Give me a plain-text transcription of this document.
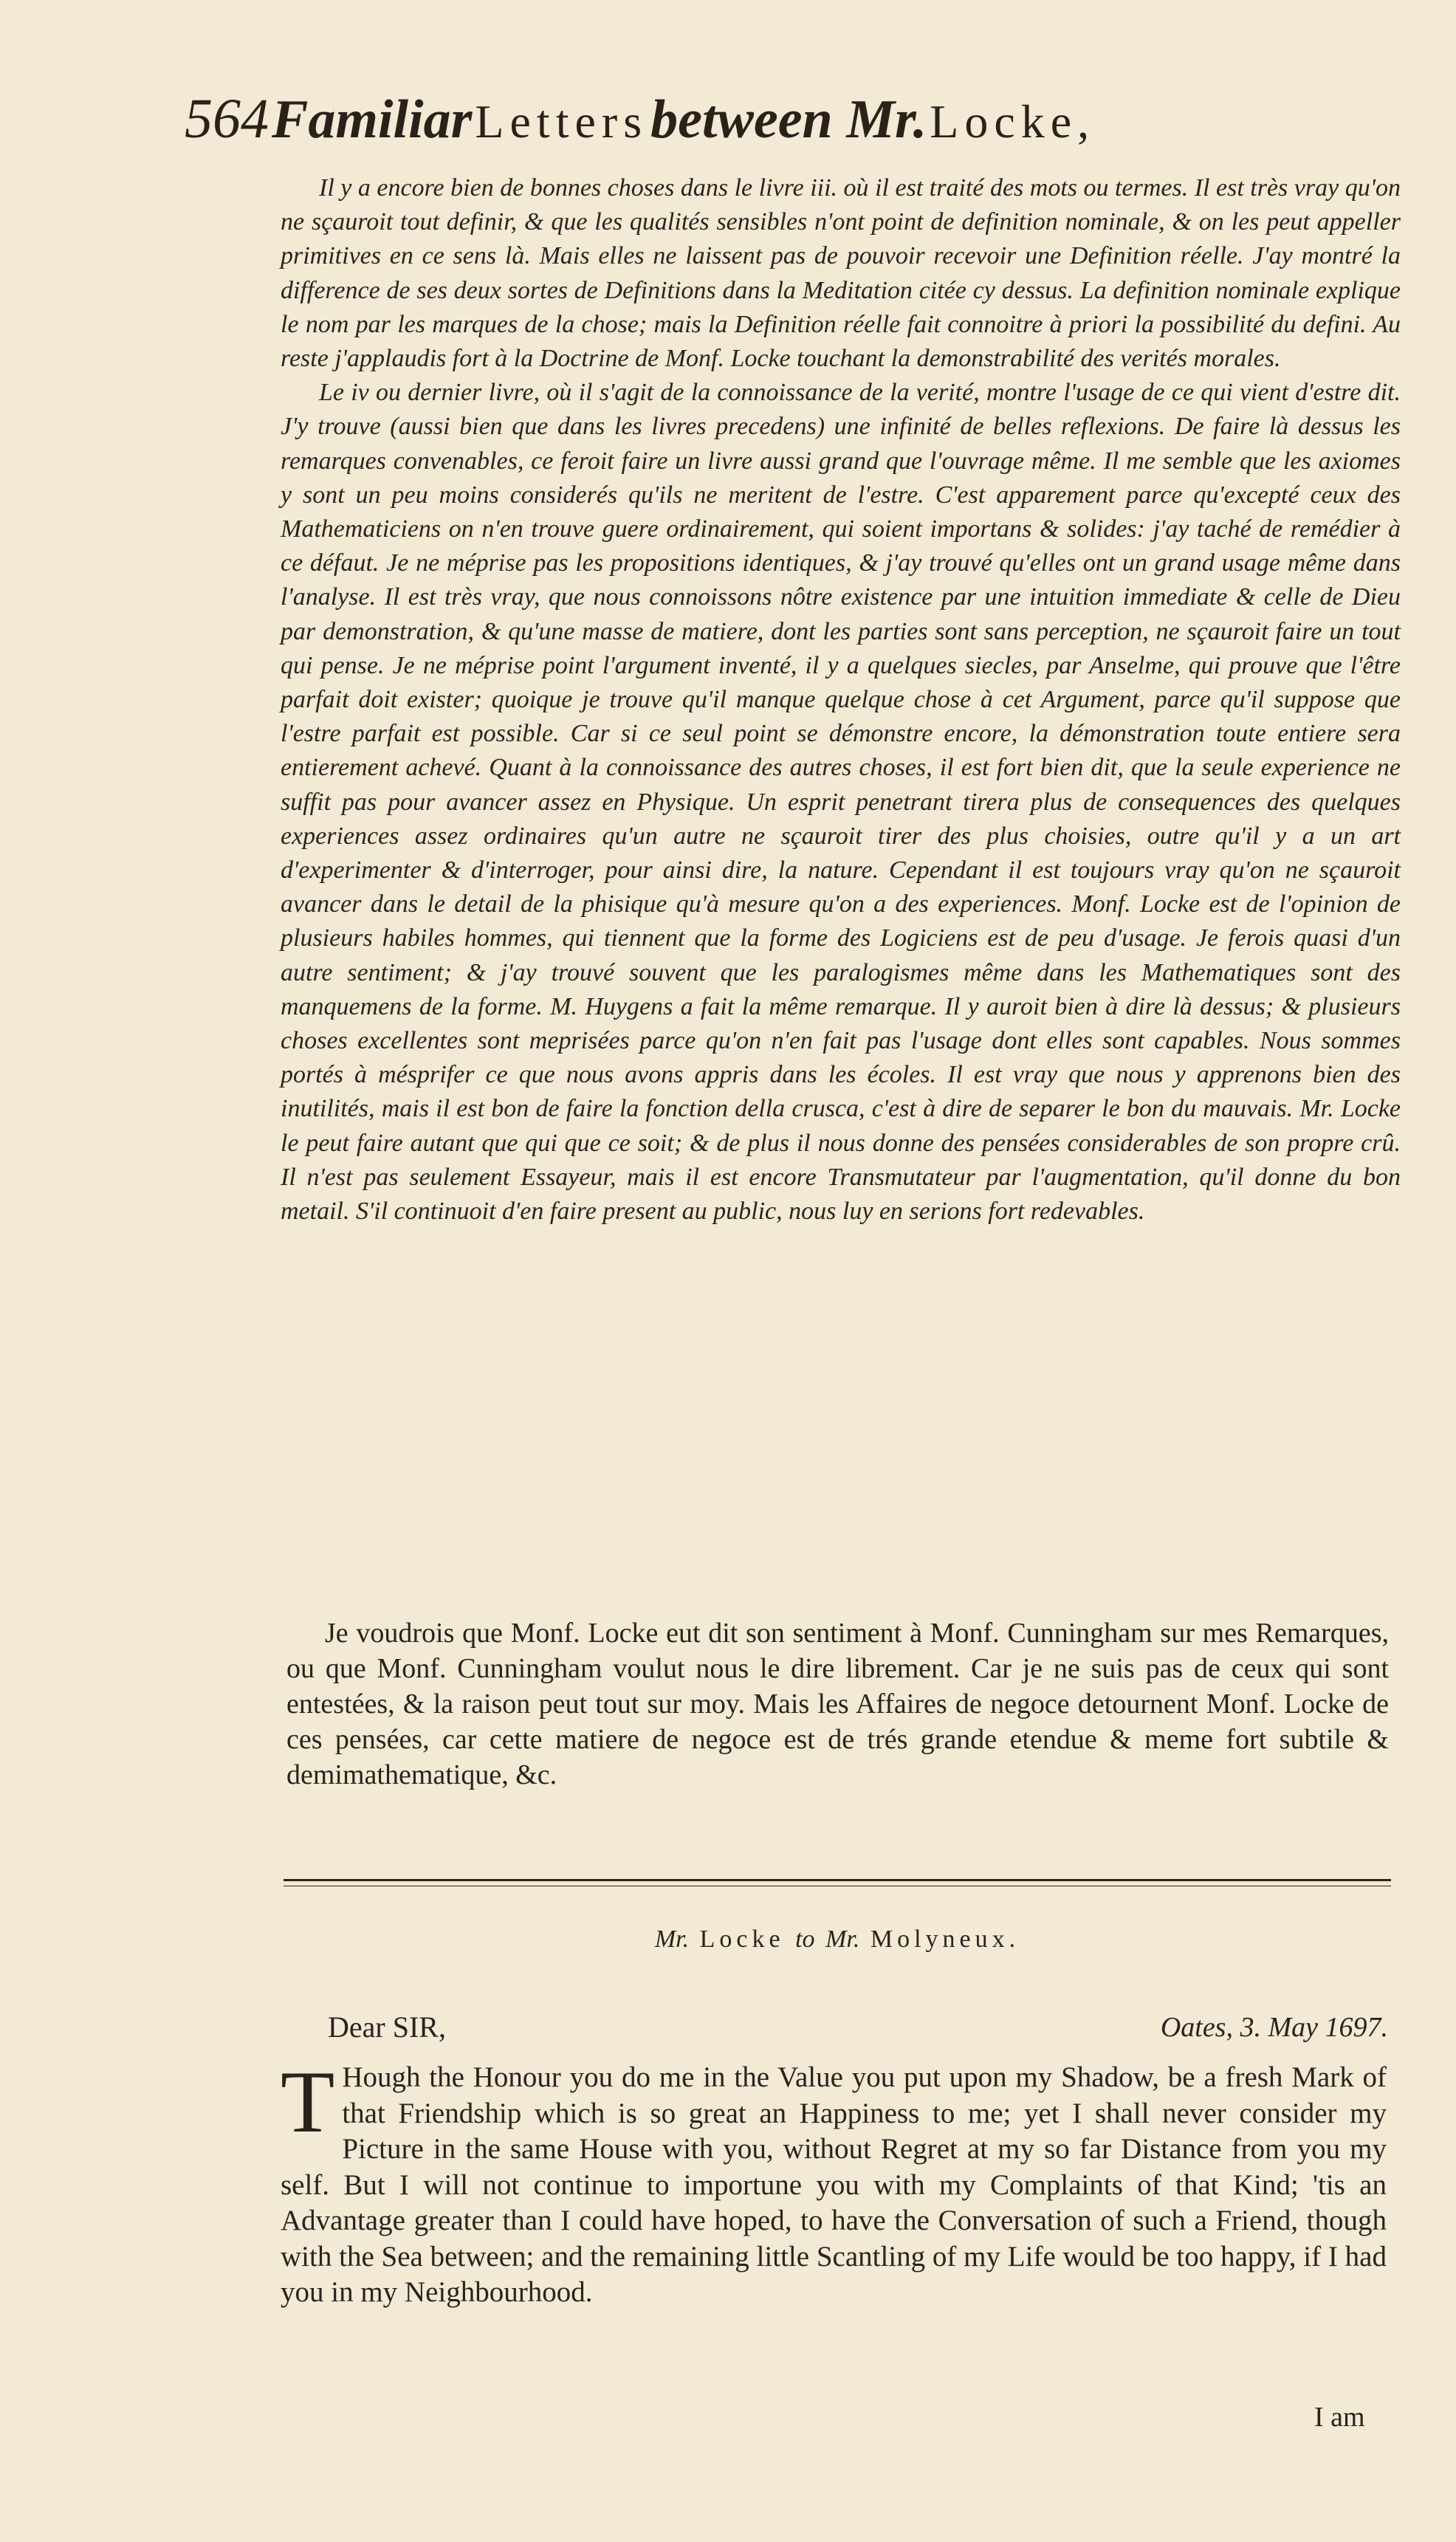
564 Familiar Letters between Mr. Locke,

Il y a encore bien de bonnes choses dans le livre iii. où il est traité des mots ou termes. Il est très vray qu'on ne sçauroit tout definir, & que les qualités sensibles n'ont point de definition nominale, & on les peut appeller primitives en ce sens là. Mais elles ne laissent pas de pouvoir recevoir une Definition réelle. J'ay montré la difference de ses deux sortes de Definitions dans la Meditation citée cy dessus. La definition nominale explique le nom par les marques de la chose; mais la Definition réelle fait connoitre à priori la possibilité du defini. Au reste j'applaudis fort à la Doctrine de Monf. Locke touchant la demonstrabilité des verités morales.

Le iv ou dernier livre, où il s'agit de la connoissance de la verité, montre l'usage de ce qui vient d'estre dit. J'y trouve (aussi bien que dans les livres precedens) une infinité de belles reflexions. De faire là dessus les remarques convenables, ce feroit faire un livre aussi grand que l'ouvrage même. Il me semble que les axiomes y sont un peu moins considerés qu'ils ne meritent de l'estre. C'est apparement parce qu'excepté ceux des Mathematiciens on n'en trouve guere ordinairement, qui soient importans & solides: j'ay taché de remédier à ce défaut. Je ne méprise pas les propositions identiques, & j'ay trouvé qu'elles ont un grand usage même dans l'analyse. Il est très vray, que nous connoissons nôtre existence par une intuition immediate & celle de Dieu par demonstration, & qu'une masse de matiere, dont les parties sont sans perception, ne sçauroit faire un tout qui pense. Je ne méprise point l'argument inventé, il y a quelques siecles, par Anselme, qui prouve que l'être parfait doit exister; quoique je trouve qu'il manque quelque chose à cet Argument, parce qu'il suppose que l'estre parfait est possible. Car si ce seul point se démonstre encore, la démonstration toute entiere sera entierement achevé. Quant à la connoissance des autres choses, il est fort bien dit, que la seule experience ne suffit pas pour avancer assez en Physique. Un esprit penetrant tirera plus de consequences des quelques experiences assez ordinaires qu'un autre ne sçauroit tirer des plus choisies, outre qu'il y a un art d'experimenter & d'interroger, pour ainsi dire, la nature. Cependant il est toujours vray qu'on ne sçauroit avancer dans le detail de la phisique qu'à mesure qu'on a des experiences. Monf. Locke est de l'opinion de plusieurs habiles hommes, qui tiennent que la forme des Logiciens est de peu d'usage. Je ferois quasi d'un autre sentiment; & j'ay trouvé souvent que les paralogismes même dans les Mathematiques sont des manquemens de la forme. M. Huygens a fait la même remarque. Il y auroit bien à dire là dessus; & plusieurs choses excellentes sont meprisées parce qu'on n'en fait pas l'usage dont elles sont capables. Nous sommes portés à mésprifer ce que nous avons appris dans les écoles. Il est vray que nous y apprenons bien des inutilités, mais il est bon de faire la fonction della crusca, c'est à dire de separer le bon du mauvais. Mr. Locke le peut faire autant que qui que ce soit; & de plus il nous donne des pensées considerables de son propre crû. Il n'est pas seulement Essayeur, mais il est encore Transmutateur par l'augmentation, qu'il donne du bon metail. S'il continuoit d'en faire present au public, nous luy en serions fort redevables.

Je voudrois que Monf. Locke eut dit son sentiment à Monf. Cunningham sur mes Remarques, ou que Monf. Cunningham voulut nous le dire librement. Car je ne suis pas de ceux qui sont entestées, & la raison peut tout sur moy. Mais les Affaires de negoce detournent Monf. Locke de ces pensées, car cette matiere de negoce est de trés grande etendue & meme fort subtile & demimathematique, &c.

Mr. Locke to Mr. Molyneux.
Dear SIR,	Oates, 3. May 1697.
T Hough the Honour you do me in the Value you put upon my Shadow, be a fresh Mark of that Friendship which is so great an Happiness to me; yet I shall never consider my Picture in the same House with you, without Regret at my so far Distance from you my self. But I will not continue to importune you with my Complaints of that Kind; 'tis an Advantage greater than I could have hoped, to have the Conversation of such a Friend, though with the Sea between; and the remaining little Scantling of my Life would be too happy, if I had you in my Neighbourhood.
I am
